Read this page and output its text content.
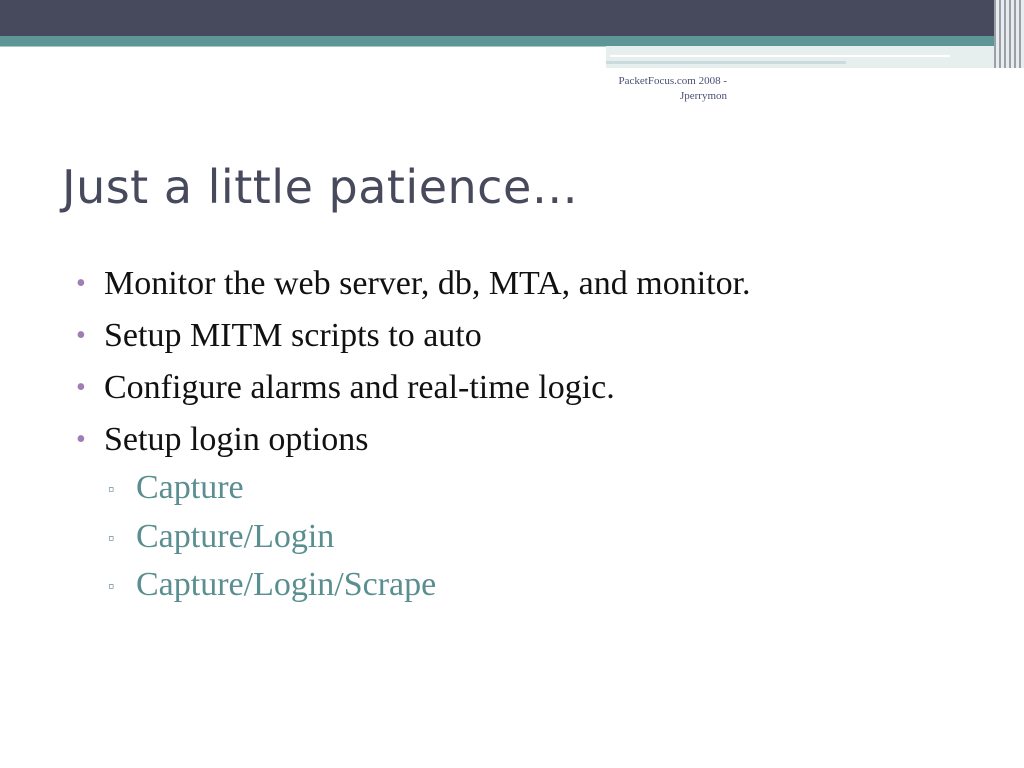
PacketFocus.com 2008 -
Jperrymon
Just a little patience…
• Monitor the web server, db, MTA, and monitor.
• Setup MITM scripts to auto
• Configure alarms and real-time logic.
• Setup login options
▫ Capture
▫ Capture/Login
▫ Capture/Login/Scrape
